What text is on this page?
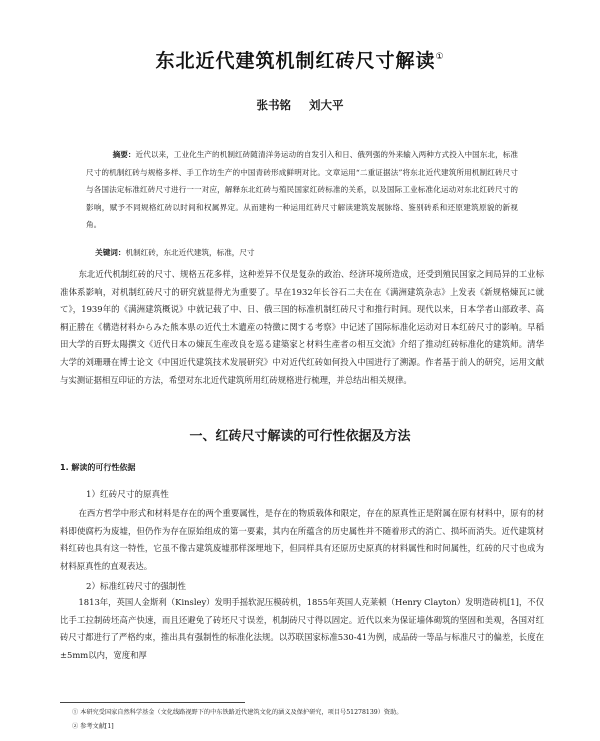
东北近代建筑机制红砖尺寸解读①
张书铭 刘大平

摘要：近代以来，工业化生产的机制红砖随清洋务运动的自发引入和日、俄列强的外来输入两种方式投入中国东北，标准尺寸的机制红砖与规格多样、手工作坊生产的中国青砖形成鲜明对比。文章运用“二重证据法”将东北近代建筑所用机制红砖尺寸与各国法定标准红砖尺寸进行一一对应，解释东北红砖与殖民国家红砖标准的关系，以及国际工业标准化运动对东北红砖尺寸的影响，赋予不同规格红砖以时间和权属界定。从而建构一种运用红砖尺寸解读建筑发展脉络、鉴别砖系和还原建筑原貌的新视角。

关键词：机制红砖，东北近代建筑，标准，尺寸

东北近代机制红砖的尺寸、规格五花多样，这种差异不仅是复杂的政治、经济环境所造成，还受到殖民国家之间局异的工业标准体系影响，对机制红砖尺寸的研究就显得尤为重要了。早在1932年长谷石二夫在在《满洲建筑杂志》上发表《新规格煉瓦に就て》，1939年的《满洲建筑概说》中就记载了中、日、俄三国的标准机制红砖尺寸和推行时间。现代以来，日本学者山部政孝、高桐正勝在《構造材料からみた熊本県の近代土木遺産の特徴に関する考察》中记述了国际标准化运动对日本红砖尺寸的影响。早稻田大学的百野太陽撰文《近代日本の煉瓦生産改良を巡る建築家と材料生產者の相互交流》介绍了推动红砖标准化的建筑师。清华大学的刘珊珊在博士论文《中国近代建筑技术发展研究》中对近代红砖如何投入中国进行了溯源。作者基于前人的研究，运用文献与实测证据相互印证的方法，希望对东北近代建筑所用红砖规格进行梳理，并总结出相关规律。

一、红砖尺寸解读的可行性依据及方法
1. 解读的可行性依据
1）红砖尺寸的原真性

在西方哲学中形式和材料是存在的两个重要属性，是存在的物质载体和限定，存在的原真性正是附属在原有材料中，原有的材料即使腐朽为废墟，但仍作为存在原始组成的第一要素，其内在所蕴含的历史属性并不随着形式的消亡、损坏而消失。近代建筑材料红砖也具有这一特性，它虽不像古建筑废墟那样深埋地下，但同样具有还原历史原真的材料属性和时间属性，红砖的尺寸也成为材料原真性的直观表达。

2）标准红砖尺寸的强制性

1813年，英国人金斯利（Kinsley）发明手摇软泥压模砖机，1855年英国人克莱顿（Henry Clayton）发明造砖机[1]，不仅比手工拉制砖坯高产快速，而且还避免了砖坯尺寸误差，机制砖尺寸得以固定。近代以来为保证墙体砌筑的坚固和美观，各国对红砖尺寸都进行了严格约束，推出具有强制性的标准化法规。以苏联国家标准530-41为例，成品砖一等品与标准尺寸的偏差，长度在±5mm以内，宽度和厚

① 本研究受国家自然科学基金（文化线路视野下的中东铁路近代建筑文化的涵义及保护研究，项目号51278139）资助。
② 参考文献[1]
